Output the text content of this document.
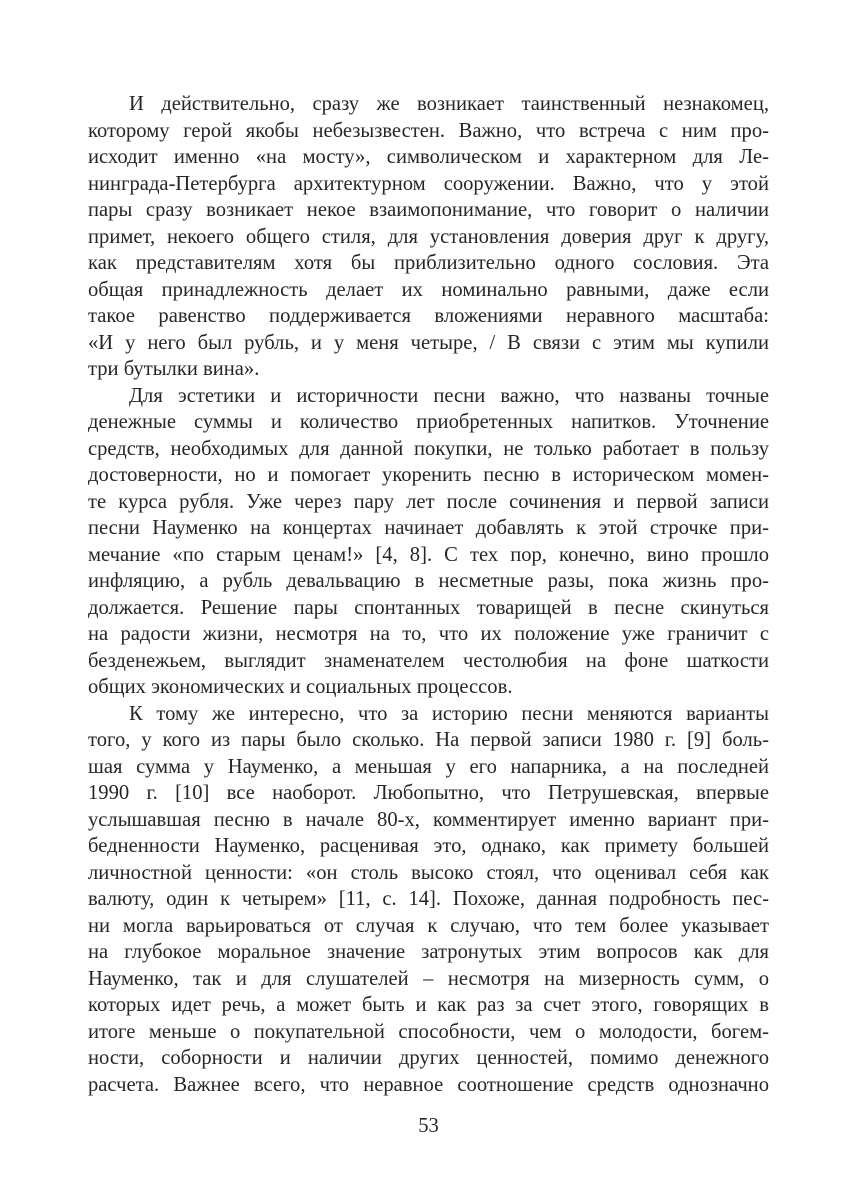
И действительно, сразу же возникает таинственный незнакомец,
которому герой якобы небезызвестен. Важно, что встреча с ним про-
исходит именно «на мосту», символическом и характерном для Ле-
нинграда-Петербурга архитектурном сооружении. Важно, что у этой
пары сразу возникает некое взаимопонимание, что говорит о наличии
примет, некоего общего стиля, для установления доверия друг к другу,
как представителям хотя бы приблизительно одного сословия. Эта
общая принадлежность делает их номинально равными, даже если
такое равенство поддерживается вложениями неравного масштаба:
«И у него был рубль, и у меня четыре, / В связи с этим мы купили
три бутылки вина».
Для эстетики и историчности песни важно, что названы точные
денежные суммы и количество приобретенных напитков. Уточнение
средств, необходимых для данной покупки, не только работает в пользу
достоверности, но и помогает укоренить песню в историческом момен-
те курса рубля. Уже через пару лет после сочинения и первой записи
песни Науменко на концертах начинает добавлять к этой строчке при-
мечание «по старым ценам!» [4, 8]. С тех пор, конечно, вино прошло
инфляцию, а рубль девальвацию в несметные разы, пока жизнь про-
должается. Решение пары спонтанных товарищей в песне скинуться
на радости жизни, несмотря на то, что их положение уже граничит с
безденежьем, выглядит знаменателем честолюбия на фоне шаткости
общих экономических и социальных процессов.
К тому же интересно, что за историю песни меняются варианты
того, у кого из пары было сколько. На первой записи 1980 г. [9] боль-
шая сумма у Науменко, а меньшая у его напарника, а на последней
1990 г. [10] все наоборот. Любопытно, что Петрушевская, впервые
услышавшая песню в начале 80-х, комментирует именно вариант при-
бедненности Науменко, расценивая это, однако, как примету большей
личностной ценности: «он столь высоко стоял, что оценивал себя как
валюту, один к четырем» [11, с. 14]. Похоже, данная подробность пес-
ни могла варьироваться от случая к случаю, что тем более указывает
на глубокое моральное значение затронутых этим вопросов как для
Науменко, так и для слушателей – несмотря на мизерность сумм, о
которых идет речь, а может быть и как раз за счет этого, говорящих в
итоге меньше о покупательной способности, чем о молодости, богем-
ности, соборности и наличии других ценностей, помимо денежного
расчета. Важнее всего, что неравное соотношение средств однозначно
53
